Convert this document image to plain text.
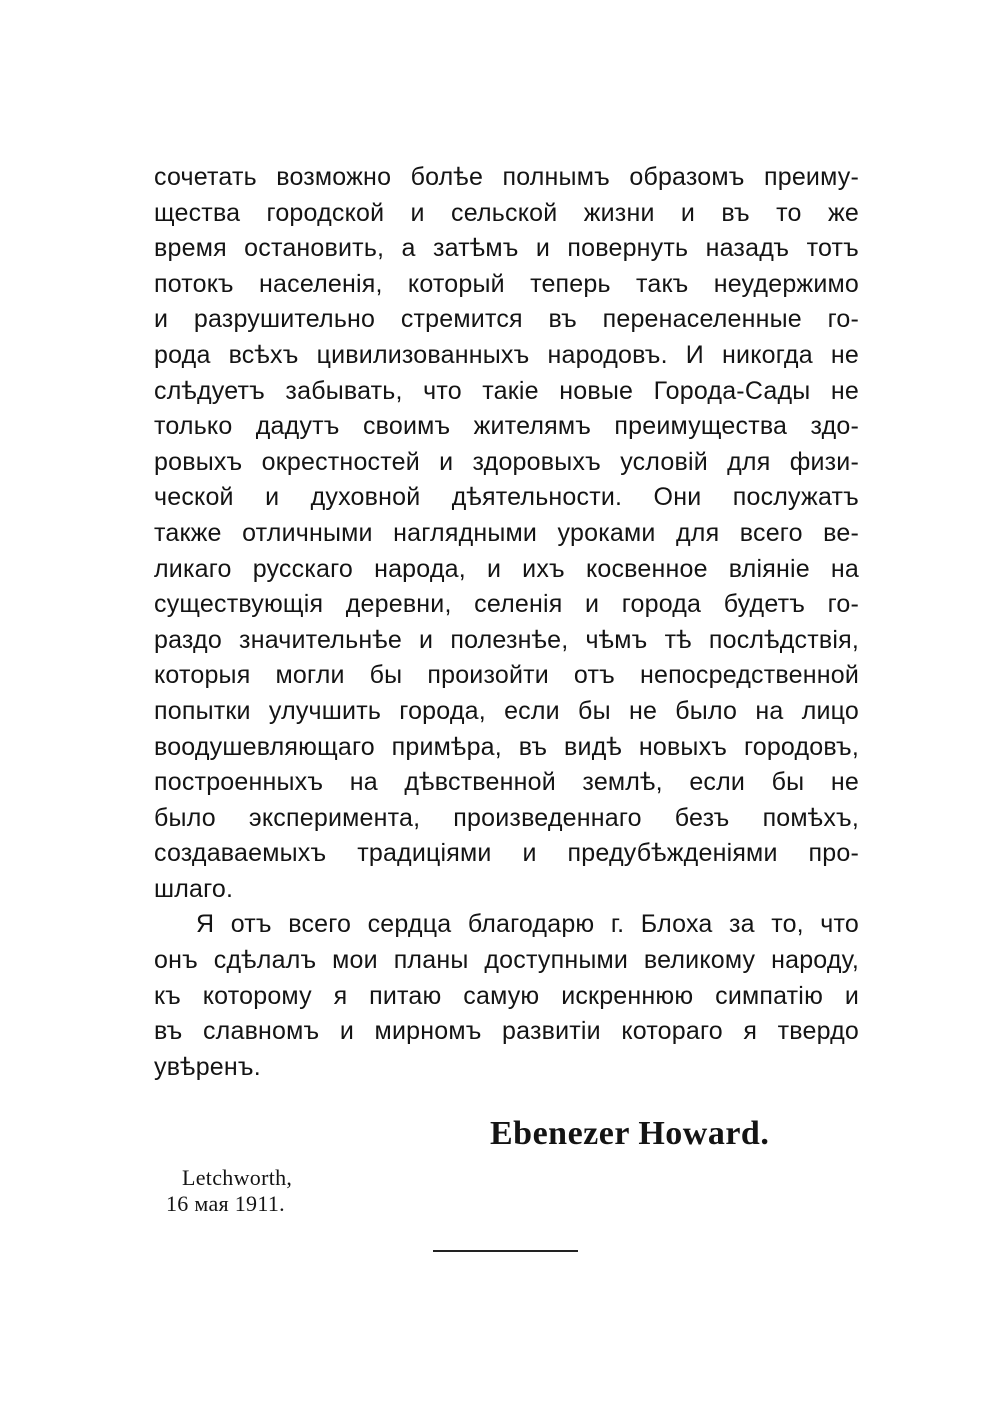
сочетать возможно болѣе полнымъ образомъ преиму-
щества городской и сельской жизни и въ то же
время остановить, а затѣмъ и повернуть назадъ тотъ
потокъ населенія, который теперь такъ неудержимо
и разрушительно стремится въ перенаселенные го-
рода всѣхъ цивилизованныхъ народовъ. И никогда не
слѣдуетъ забывать, что такіе новые Города-Сады не
только дадутъ своимъ жителямъ преимущества здо-
ровыхъ окрестностей и здоровыхъ условій для физи-
ческой и духовной дѣятельности. Они послужатъ
также отличными наглядными уроками для всего ве-
ликаго русскаго народа, и ихъ косвенное вліяніе на
существующія деревни, селенія и города будетъ го-
раздо значительнѣе и полезнѣе, чѣмъ тѣ послѣдствія,
которыя могли бы произойти отъ непосредственной
попытки улучшить города, если бы не было на лицо
воодушевляющаго примѣра, въ видѣ новыхъ городовъ,
построенныхъ на дѣвственной землѣ, если бы не
было эксперимента, произведеннаго безъ помѣхъ,
создаваемыхъ традиціями и предубѣжденіями про-
шлаго.
Я отъ всего сердца благодарю г. Блоха за то, что
онъ сдѣлалъ мои планы доступными великому народу,
къ которому я питаю самую искреннюю симпатію и
въ славномъ и мирномъ развитіи котораго я твердо
увѣренъ.
Ebenezer Howard.
Letchworth,
16 мая 1911.
